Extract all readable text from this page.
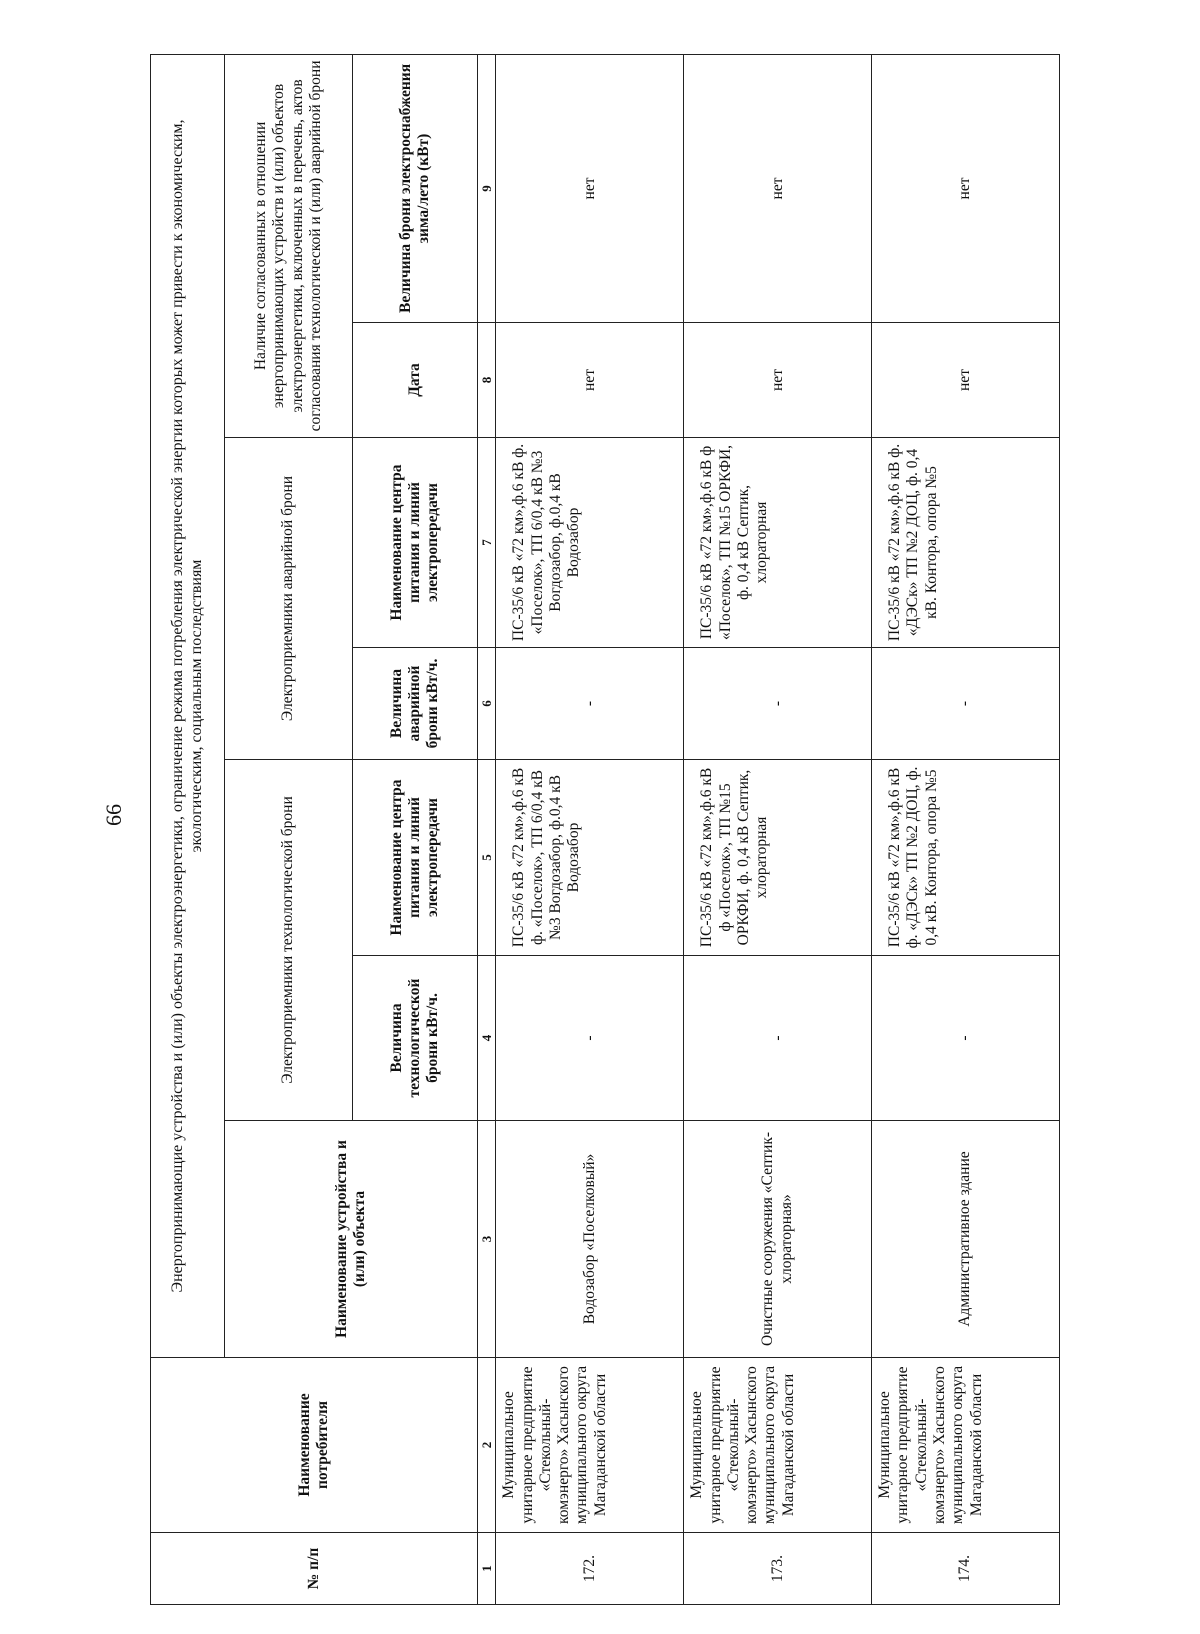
66
№ п/п	Наименование потребителя	Энергопринимающие устройства и (или) объекты электроэнергетики, ограничение режима потребления электрической энергии которых может привести к экономическим, экологическим, социальным последствиям						
		Наименование устройства и (или) объекта	Электроприемники технологической брони		Электроприемники аварийной брони		Наличие согласованных в отношении энергопринимающих устройств и (или) объектов электроэнергетики, включенных в перечень, актов согласования технологической и (или) аварийной брони	
			Величина технологической брони кВт/ч.	Наименование центра питания и линий электропередачи	Величина аварийной брони кВт/ч.	Наименование центра питания и линий электропередачи	Дата	Величина брони электроснабжения зима/лето (кВт)
1	2	3	4	5	6	7	8	9
172.	Муниципальное унитарное предприятие «Стекольный-комэнерго» Хасынского муниципального округа Магаданской области	Водозабор «Поселковый»	-	ПС-35/6 кВ «72 км»,ф.6 кВ ф. «Поселок», ТП 6/0,4 кВ №3 Вогдозабор, ф.0,4 кВ Водозабор	-	ПС-35/6 кВ «72 км»,ф.6 кВ ф. «Поселок», ТП 6/0,4 кВ №3 Вогдозабор, ф.0,4 кВ Водозабор	нет	нет
173.	Муниципальное унитарное предприятие «Стекольный-комэнерго» Хасынского муниципального округа Магаданской области	Очистные сооружения «Септик-хлораторная»	-	ПС-35/6 кВ «72 км»,ф.6 кВ ф «Поселок», ТП №15 ОРКФИ, ф. 0,4 кВ Септик, хлораторная	-	ПС-35/6 кВ «72 км»,ф.6 кВ ф «Поселок», ТП №15 ОРКФИ, ф. 0,4 кВ Септик, хлораторная	нет	нет
174.	Муниципальное унитарное предприятие «Стекольный-комэнерго» Хасынского муниципального округа Магаданской области	Административное здание	-	ПС-35/6 кВ «72 км»,ф.6 кВ ф. «ДЭСк» ТП №2 ДОЦ, ф. 0,4 кВ. Контора, опора №5	-	ПС-35/6 кВ «72 км»,ф.6 кВ ф. «ДЭСк» ТП №2 ДОЦ, ф. 0,4 кВ. Контора, опора №5	нет	нет
